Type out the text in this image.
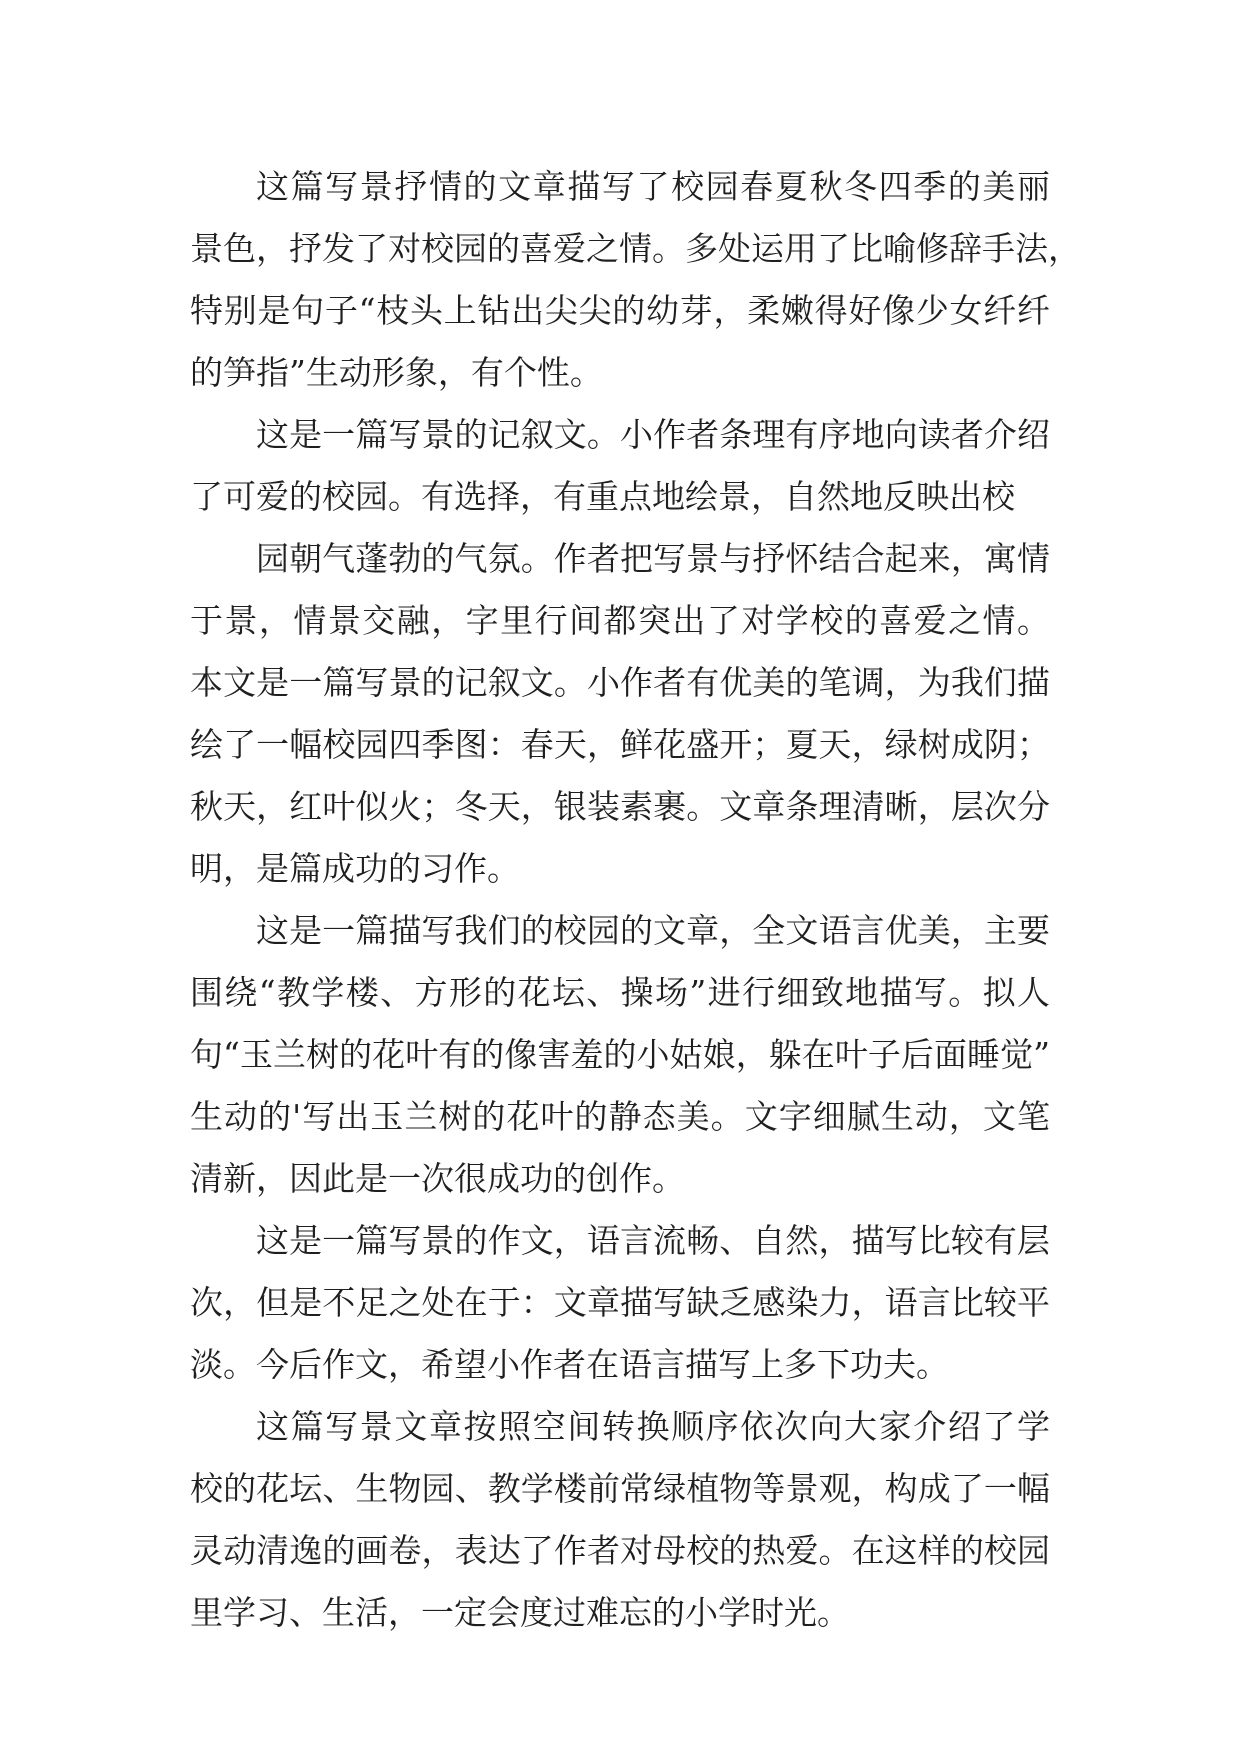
这篇写景抒情的文章描写了校园春夏秋冬四季的美丽
景色，抒发了对校园的喜爱之情。多处运用了比喻修辞手法，
特别是句子“枝头上钻出尖尖的幼芽，柔嫩得好像少女纤纤
的笋指”生动形象，有个性。
这是一篇写景的记叙文。小作者条理有序地向读者介绍
了可爱的校园。有选择，有重点地绘景，自然地反映出校
园朝气蓬勃的气氛。作者把写景与抒怀结合起来，寓情
于景，情景交融，字里行间都突出了对学校的喜爱之情。
本文是一篇写景的记叙文。小作者有优美的笔调，为我们描
绘了一幅校园四季图：春天，鲜花盛开；夏天，绿树成阴；
秋天，红叶似火；冬天，银装素裹。文章条理清晰，层次分
明，是篇成功的习作。
这是一篇描写我们的校园的文章，全文语言优美，主要
围绕“教学楼、方形的花坛、操场”进行细致地描写。拟人
句“玉兰树的花叶有的像害羞的小姑娘，躲在叶子后面睡觉”
生动的'写出玉兰树的花叶的静态美。文字细腻生动，文笔
清新，因此是一次很成功的创作。
这是一篇写景的作文，语言流畅、自然，描写比较有层
次，但是不足之处在于：文章描写缺乏感染力，语言比较平
淡。今后作文，希望小作者在语言描写上多下功夫。
这篇写景文章按照空间转换顺序依次向大家介绍了学
校的花坛、生物园、教学楼前常绿植物等景观，构成了一幅
灵动清逸的画卷，表达了作者对母校的热爱。在这样的校园
里学习、生活，一定会度过难忘的小学时光。
